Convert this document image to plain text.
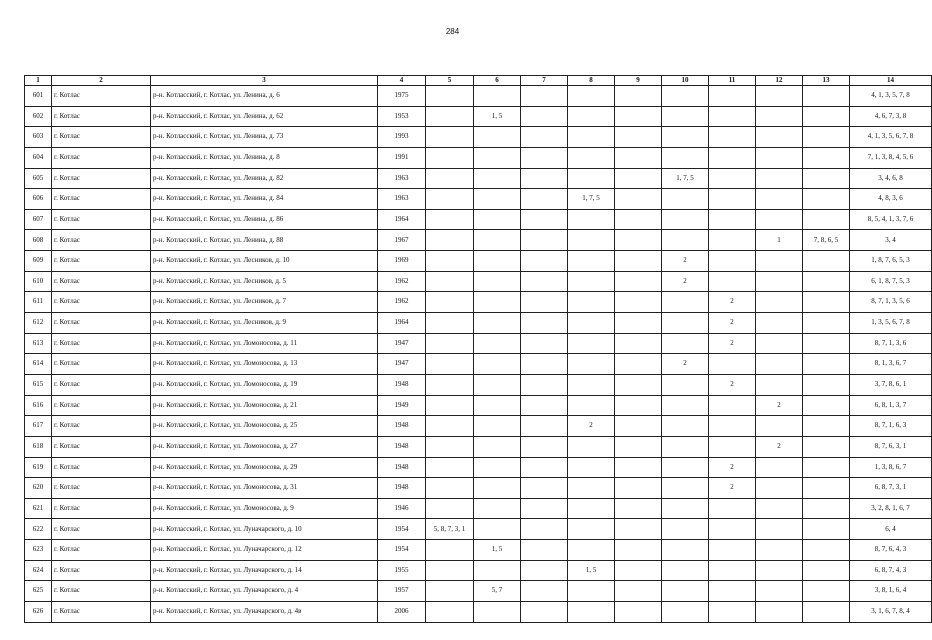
284
1	2	3	4	5	6	7	8	9	10	11	12	13	14
601	г. Котлас	р-н. Котласский, г. Котлас, ул. Ленина, д. 6	1975										4, 1, 3, 5, 7, 8
602	г. Котлас	р-н. Котласский, г. Котлас, ул. Ленина, д. 62	1953		1, 5								4, 6, 7, 3, 8
603	г. Котлас	р-н. Котласский, г. Котлас, ул. Ленина, д. 73	1993										4, 1, 3, 5, 6, 7, 8
604	г. Котлас	р-н. Котласский, г. Котлас, ул. Ленина, д. 8	1991										7, 1, 3, 8, 4, 5, 6
605	г. Котлас	р-н. Котласский, г. Котлас, ул. Ленина, д. 82	1963						1, 7, 5				3, 4, 6, 8
606	г. Котлас	р-н. Котласский, г. Котлас, ул. Ленина, д. 84	1963				1, 7, 5						4, 8, 3, 6
607	г. Котлас	р-н. Котласский, г. Котлас, ул. Ленина, д. 86	1964										8, 5, 4, 1, 3, 7, 6
608	г. Котлас	р-н. Котласский, г. Котлас, ул. Ленина, д. 88	1967								1	7, 8, 6, 5	3, 4
609	г. Котлас	р-н. Котласский, г. Котлас, ул. Лесников, д. 10	1969						2				1, 8, 7, 6, 5, 3
610	г. Котлас	р-н. Котласский, г. Котлас, ул. Лесников, д. 5	1962						2				6, 1, 8, 7, 5, 3
611	г. Котлас	р-н. Котласский, г. Котлас, ул. Лесников, д. 7	1962							2			8, 7, 1, 3, 5, 6
612	г. Котлас	р-н. Котласский, г. Котлас, ул. Лесников, д. 9	1964							2			1, 3, 5, 6, 7, 8
613	г. Котлас	р-н. Котласский, г. Котлас, ул. Ломоносова, д. 11	1947							2			8, 7, 1, 3, 6
614	г. Котлас	р-н. Котласский, г. Котлас, ул. Ломоносова, д. 13	1947						2				8, 1, 3, 6, 7
615	г. Котлас	р-н. Котласский, г. Котлас, ул. Ломоносова, д. 19	1948							2			3, 7, 8, 6, 1
616	г. Котлас	р-н. Котласский, г. Котлас, ул. Ломоносова, д. 21	1949								2		6, 8, 1, 3, 7
617	г. Котлас	р-н. Котласский, г. Котлас, ул. Ломоносова, д. 25	1948				2						8, 7, 1, 6, 3
618	г. Котлас	р-н. Котласский, г. Котлас, ул. Ломоносова, д. 27	1948								2		8, 7, 6, 3, 1
619	г. Котлас	р-н. Котласский, г. Котлас, ул. Ломоносова, д. 29	1948							2			1, 3, 8, 6, 7
620	г. Котлас	р-н. Котласский, г. Котлас, ул. Ломоносова, д. 31	1948							2			6, 8, 7, 3, 1
621	г. Котлас	р-н. Котласский, г. Котлас, ул. Ломоносова, д. 9	1946										3, 2, 8, 1, 6, 7
622	г. Котлас	р-н. Котласский, г. Котлас, ул. Луначарского, д. 10	1954	5, 8, 7, 3, 1									6, 4
623	г. Котлас	р-н. Котласский, г. Котлас, ул. Луначарского, д. 12	1954		1, 5								8, 7, 6, 4, 3
624	г. Котлас	р-н. Котласский, г. Котлас, ул. Луначарского, д. 14	1955				1, 5						6, 8, 7, 4, 3
625	г. Котлас	р-н. Котласский, г. Котлас, ул. Луначарского, д. 4	1957		5, 7								3, 8, 1, 6, 4
626	г. Котлас	р-н. Котласский, г. Котлас, ул. Луначарского, д. 4в	2006										3, 1, 6, 7, 8, 4
